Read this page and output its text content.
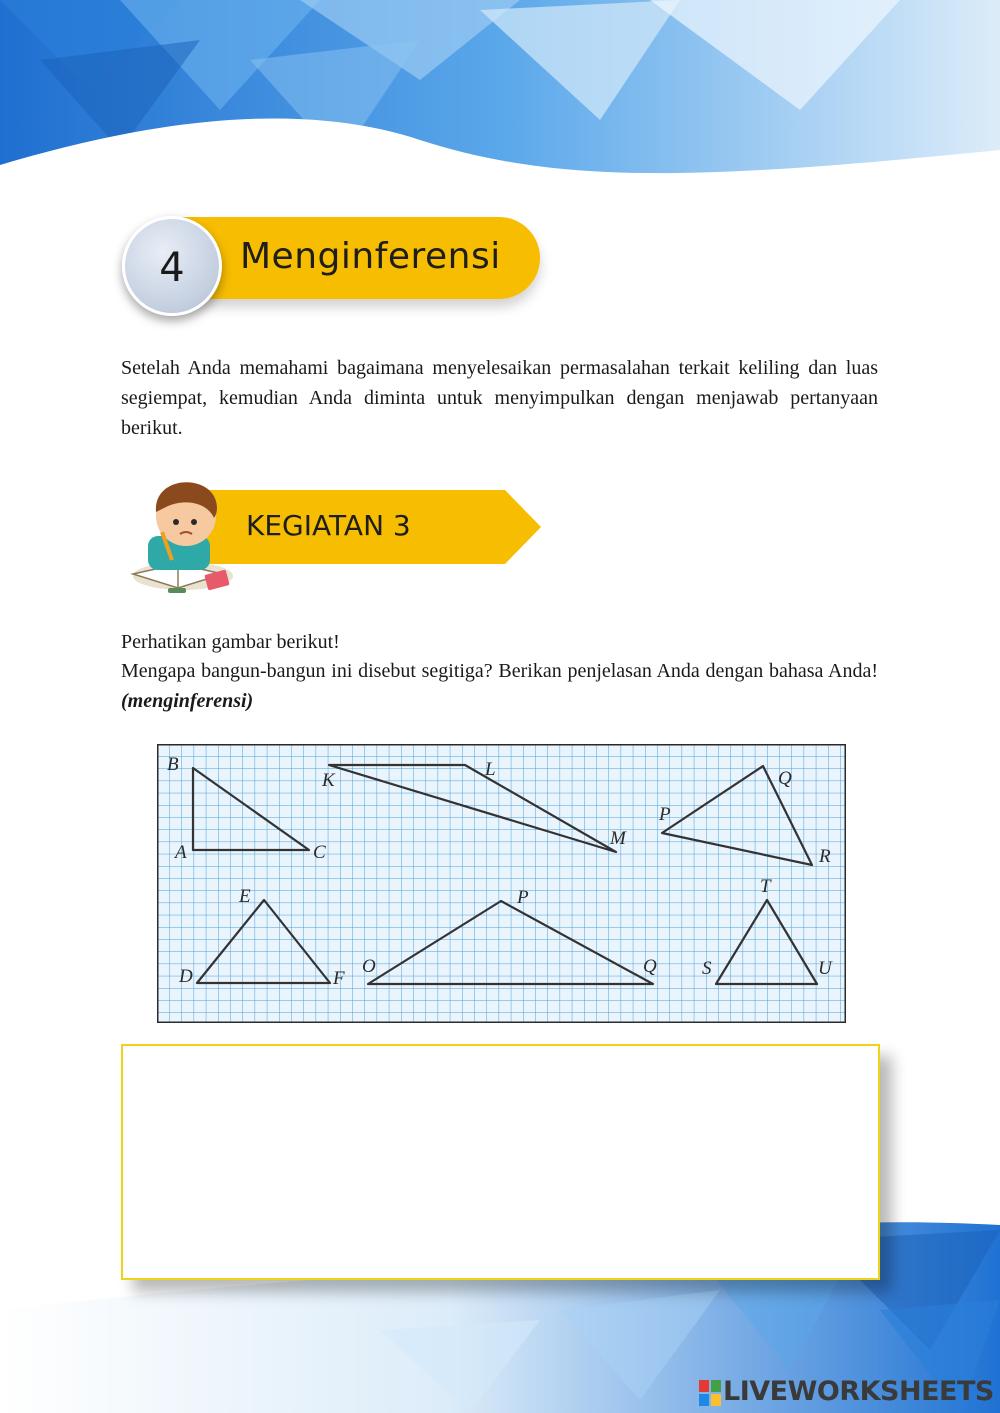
Menginferensi
4
Setelah Anda memahami bagaimana menyelesaikan permasalahan terkait keliling dan luas segiempat, kemudian Anda diminta untuk menyimpulkan dengan menjawab pertanyaan berikut.
KEGIATAN 3
Perhatikan gambar berikut!
Mengapa bangun-bangun ini disebut segitiga? Berikan penjelasan Anda dengan bahasa Anda! (menginferensi)
B
A	C
K
L
M
P
Q
R
D
E
F
O
P
Q S
T
U
LIVEWORKSHEETS
